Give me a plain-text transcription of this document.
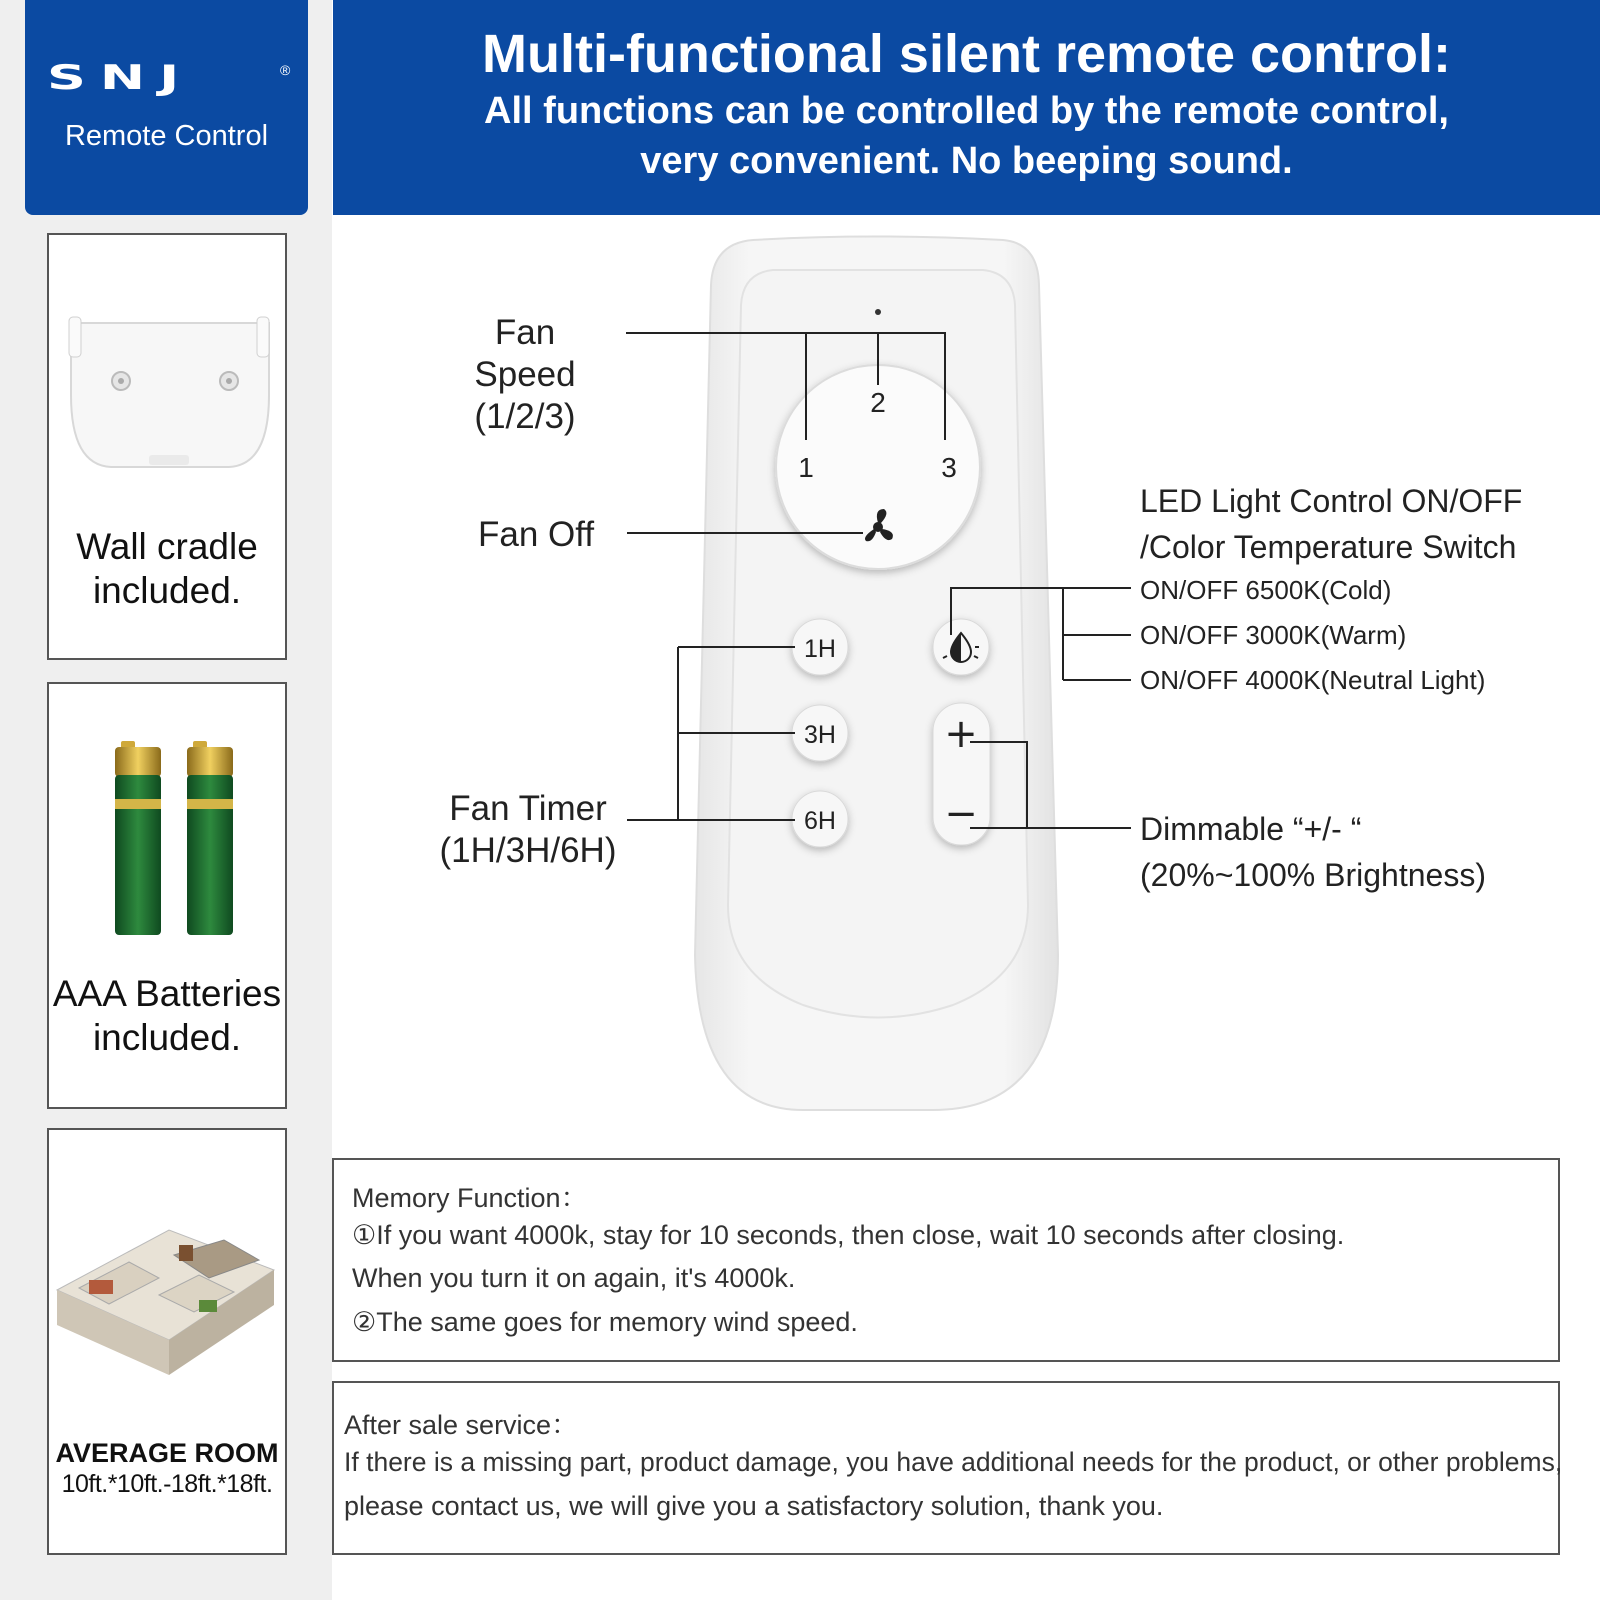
SNJ	®
Remote Control
Multi-functional silent remote control:
All functions can be controlled by the remote control,
very convenient. No beeping sound.
Wall cradle
included.
AAA Batteries
included.
AVERAGE ROOM
10ft.*10ft.-18ft.*18ft.
1
2
3
1H
3H
6H
+
−
Fan Speed
(1/2/3)
Fan Off
Fan Timer
(1H/3H/6H)
LED Light Control ON/OFF
/Color Temperature Switch
ON/OFF 6500K(Cold)
ON/OFF 3000K(Warm)
ON/OFF 4000K(Neutral Light)
Dimmable “+/- “
(20%~100% Brightness)
Memory Function：
①If you want 4000k, stay for 10 seconds, then close, wait 10 seconds after closing.
When you turn it on again, it's 4000k.
②The same goes for memory wind speed.
After sale service：
If there is a missing part, product damage, you have additional needs for the product, or other problems,
please contact us, we will give you a satisfactory solution, thank you.
